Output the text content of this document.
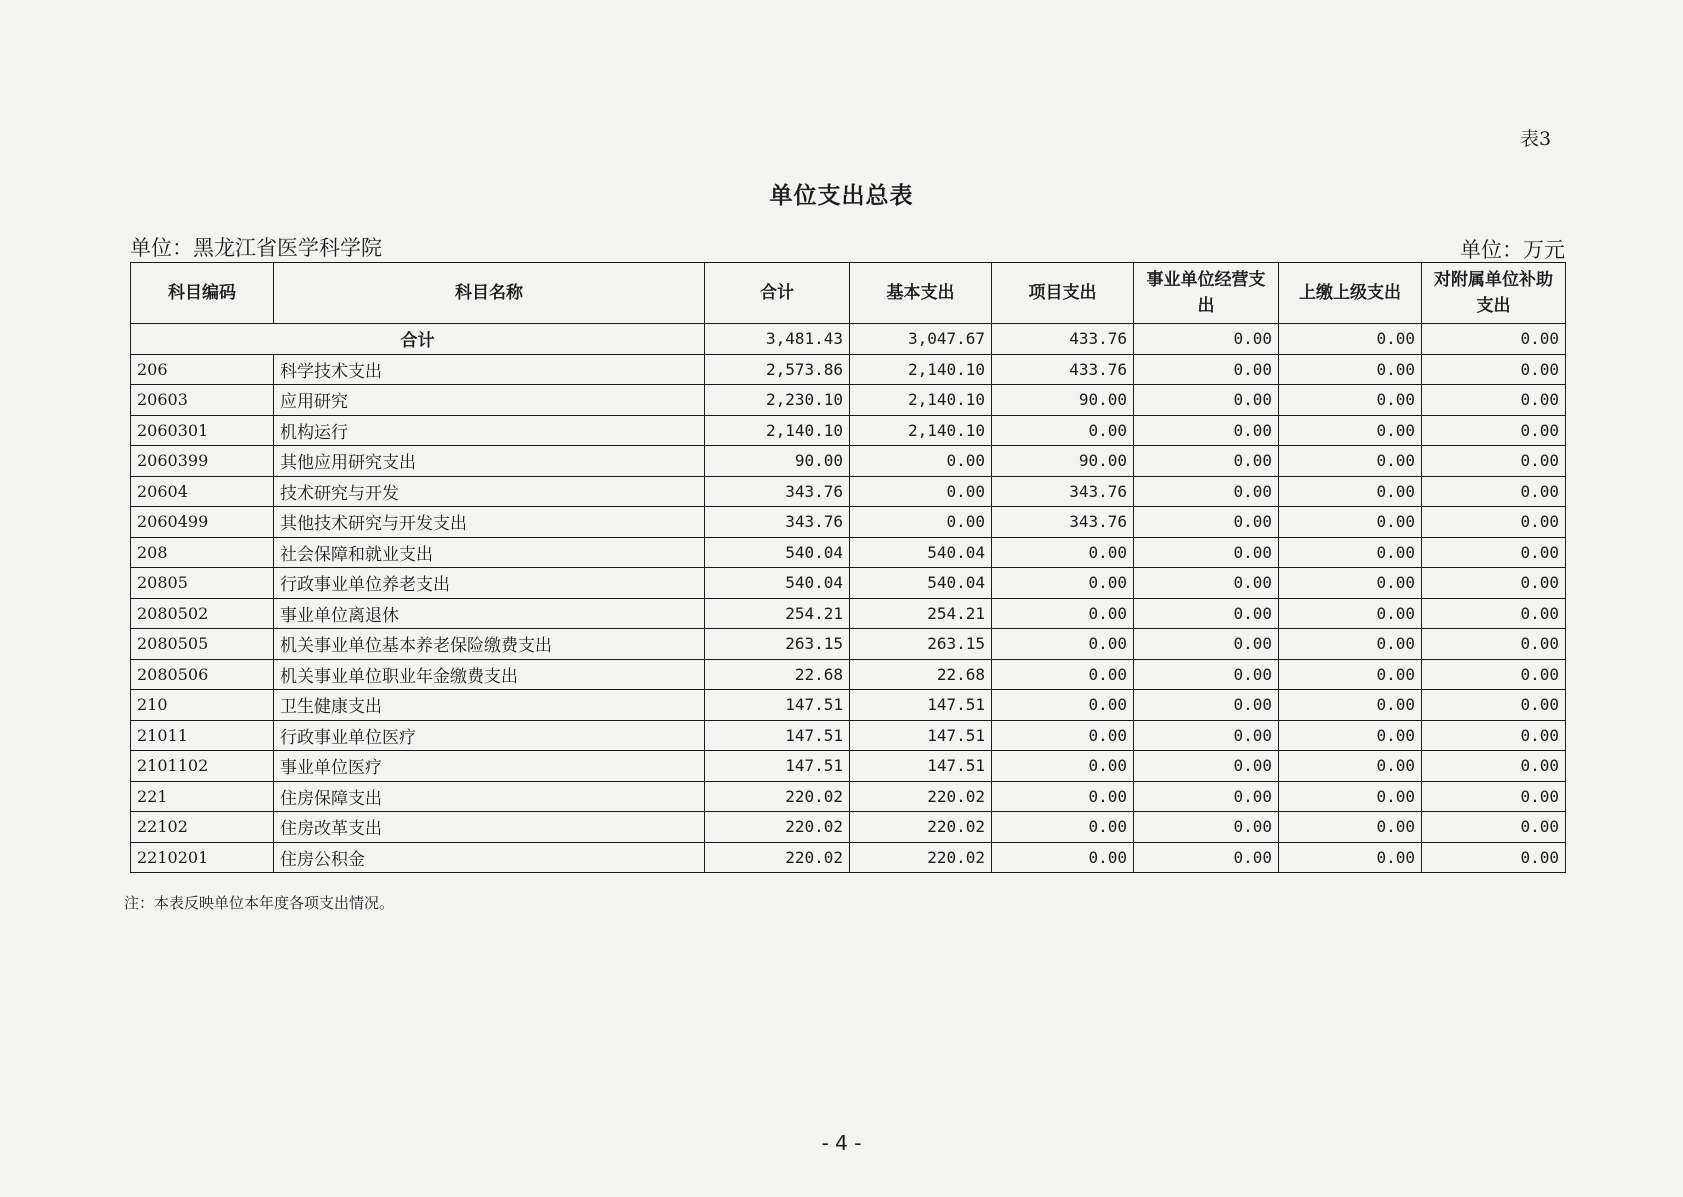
表3
单位支出总表
单位：黑龙江省医学科学院	单位：万元
科目编码	科目名称	合计	基本支出	项目支出	事业单位经营支出	上缴上级支出	对附属单位补助支出
合计		3,481.43	3,047.67	433.76	0.00	0.00	0.00
206	科学技术支出	2,573.86	2,140.10	433.76	0.00	0.00	0.00
20603	应用研究	2,230.10	2,140.10	90.00	0.00	0.00	0.00
2060301	机构运行	2,140.10	2,140.10	0.00	0.00	0.00	0.00
2060399	其他应用研究支出	90.00	0.00	90.00	0.00	0.00	0.00
20604	技术研究与开发	343.76	0.00	343.76	0.00	0.00	0.00
2060499	其他技术研究与开发支出	343.76	0.00	343.76	0.00	0.00	0.00
208	社会保障和就业支出	540.04	540.04	0.00	0.00	0.00	0.00
20805	行政事业单位养老支出	540.04	540.04	0.00	0.00	0.00	0.00
2080502	事业单位离退休	254.21	254.21	0.00	0.00	0.00	0.00
2080505	机关事业单位基本养老保险缴费支出	263.15	263.15	0.00	0.00	0.00	0.00
2080506	机关事业单位职业年金缴费支出	22.68	22.68	0.00	0.00	0.00	0.00
210	卫生健康支出	147.51	147.51	0.00	0.00	0.00	0.00
21011	行政事业单位医疗	147.51	147.51	0.00	0.00	0.00	0.00
2101102	事业单位医疗	147.51	147.51	0.00	0.00	0.00	0.00
221	住房保障支出	220.02	220.02	0.00	0.00	0.00	0.00
22102	住房改革支出	220.02	220.02	0.00	0.00	0.00	0.00
2210201	住房公积金	220.02	220.02	0.00	0.00	0.00	0.00
注：本表反映单位本年度各项支出情况。
- 4 -
